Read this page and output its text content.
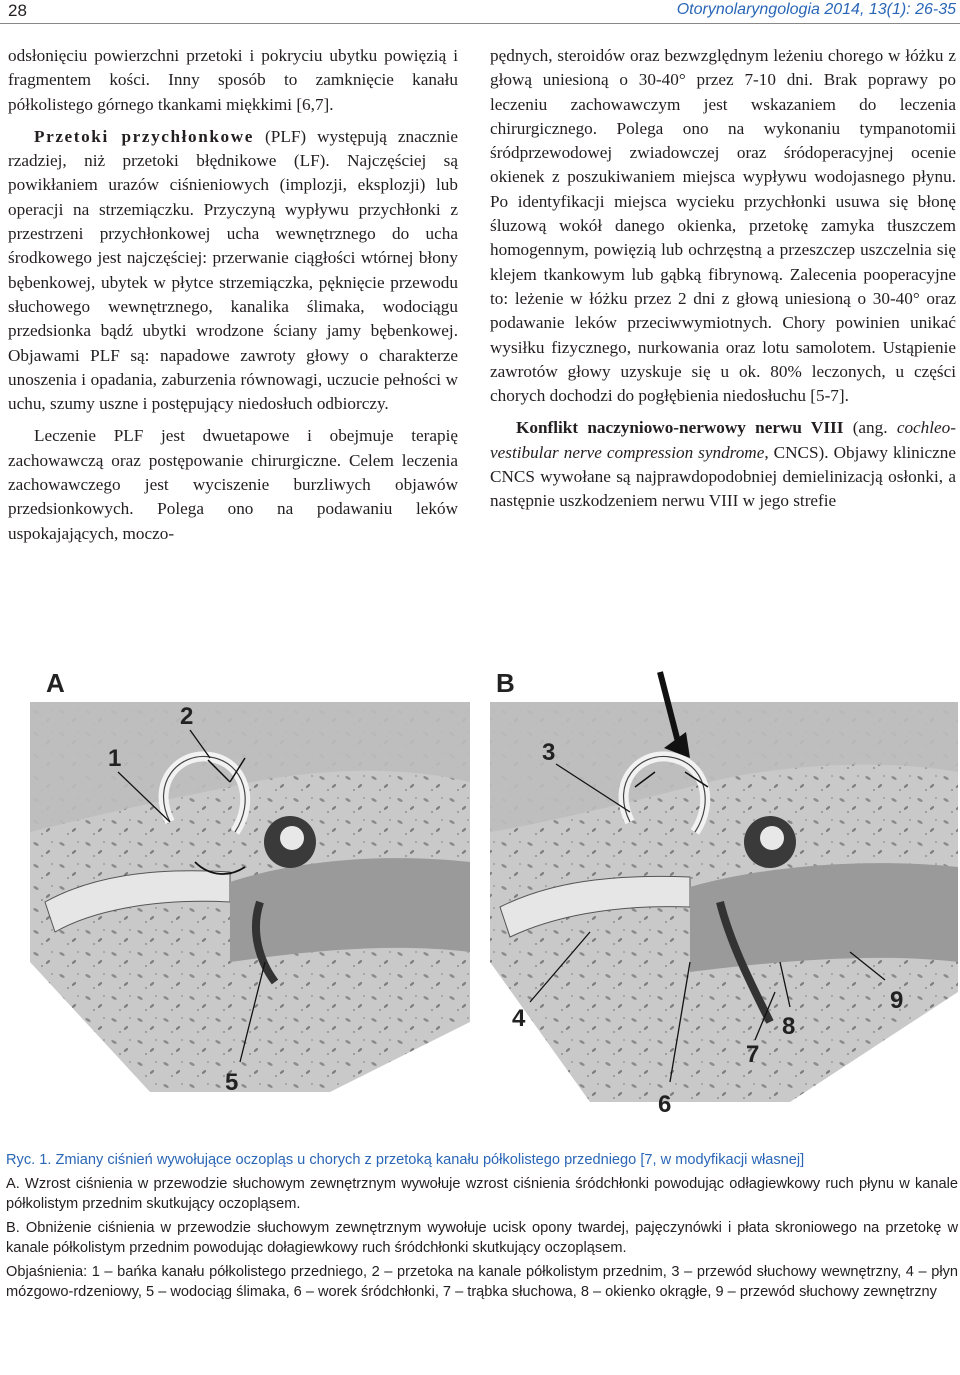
28	Otorynolaryngologia 2014, 13(1): 26-35

odsłonięciu powierzchni przetoki i pokryciu ubytku powięzią i fragmentem kości. Inny sposób to zamknięcie kanału półkolistego górnego tkankami miękkimi [6,7].

Przetoki przychłonkowe (PLF) występują znacznie rzadziej, niż przetoki błędnikowe (LF). Najczęściej są powikłaniem urazów ciśnieniowych (implozji, eksplozji) lub operacji na strzemiączku. Przyczyną wypływu przychłonki z przestrzeni przychłonkowej ucha wewnętrznego do ucha środkowego jest najczęściej: przerwanie ciągłości wtórnej błony bębenkowej, ubytek w płytce strzemiączka, pęknięcie przewodu słuchowego wewnętrznego, kanalika ślimaka, wodociągu przedsionka bądź ubytki wrodzone ściany jamy bębenkowej. Objawami PLF są: napadowe zawroty głowy o charakterze unoszenia i opadania, zaburzenia równowagi, uczucie pełności w uchu, szumy uszne i postępujący niedosłuch odbiorczy.

Leczenie PLF jest dwuetapowe i obejmuje terapię zachowawczą oraz postępowanie chirurgiczne. Celem leczenia zachowawczego jest wyciszenie burzliwych objawów przedsionkowych. Polega ono na podawaniu leków uspokajających, moczo-

pędnych, steroidów oraz bezwzględnym leżeniu chorego w łóżku z głową uniesioną o 30-40° przez 7-10 dni. Brak poprawy po leczeniu zachowawczym jest wskazaniem do leczenia chirurgicznego. Polega ono na wykonaniu tympanotomii śródprzewodowej zwiadowczej oraz śródoperacyjnej ocenie okienek z poszukiwaniem miejsca wypływu wodojasnego płynu. Po identyfikacji miejsca wycieku przychłonki usuwa się błonę śluzową wokół danego okienka, przetokę zamyka tłuszczem homogennym, powięzią lub ochrzęstną a przeszczep uszczelnia się klejem tkankowym lub gąbką fibrynową. Zalecenia pooperacyjne to: leżenie w łóżku przez 2 dni z głową uniesioną o 30-40° oraz podawanie leków przeciwwymiotnych. Chory powinien unikać wysiłku fizycznego, nurkowania oraz lotu samolotem. Ustąpienie zawrotów głowy uzyskuje się u ok. 80% leczonych, u części chorych dochodzi do pogłębienia niedosłuchu [5-7].

Konflikt naczyniowo-nerwowy nerwu VIII (ang. cochleo-vestibular nerve compression syndrome, CNCS). Objawy kliniczne CNCS wywołane są najprawdopodobniej demielinizacją osłonki, a następnie uszkodzeniem nerwu VIII w jego strefie

A
2
1
5
B
3
4
6
7
8
9

Ryc. 1. Zmiany ciśnień wywołujące oczopląs u chorych z przetoką kanału półkolistego przedniego [7, w modyfikacji własnej]

A. Wzrost ciśnienia w przewodzie słuchowym zewnętrznym wywołuje wzrost ciśnienia śródchłonki powodując odłagiewkowy ruch płynu w kanale półkolistym przednim skutkujący oczopląsem.

B. Obniżenie ciśnienia w przewodzie słuchowym zewnętrznym wywołuje ucisk opony twardej, pajęczynówki i płata skroniowego na przetokę w kanale półkolistym przednim powodując dołagiewkowy ruch śródchłonki skutkujący oczopląsem.

Objaśnienia: 1 – bańka kanału półkolistego przedniego, 2 – przetoka na kanale półkolistym przednim, 3 – przewód słuchowy wewnętrzny, 4 – płyn mózgowo-rdzeniowy, 5 – wodociąg ślimaka, 6 – worek śródchłonki, 7 – trąbka słuchowa, 8 – okienko okrągłe, 9 – przewód słuchowy zewnętrzny
